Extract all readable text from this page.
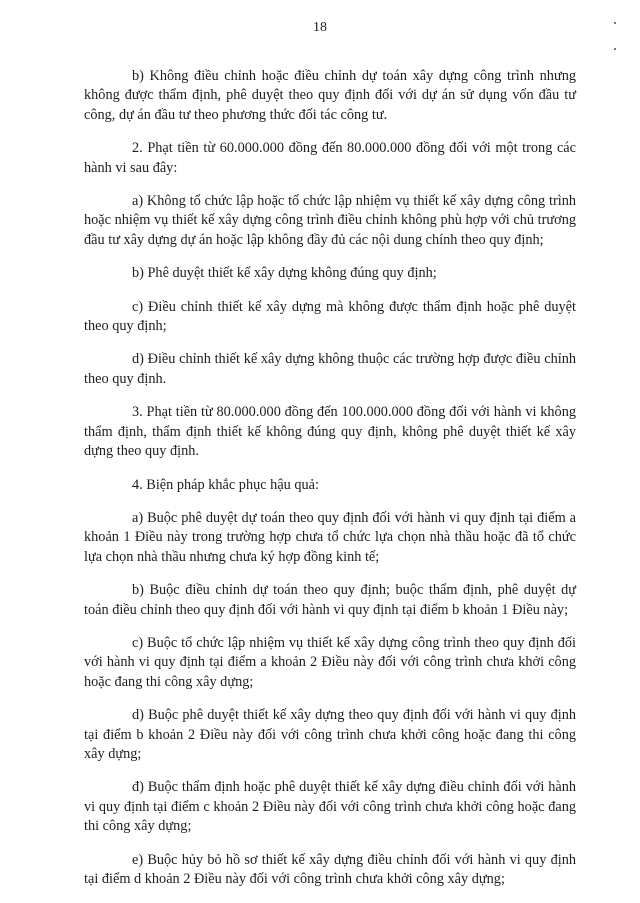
18

b) Không điều chỉnh hoặc điều chỉnh dự toán xây dựng công trình nhưng không được thẩm định, phê duyệt theo quy định đối với dự án sử dụng vốn đầu tư công, dự án đầu tư theo phương thức đối tác công tư.

2. Phạt tiền từ 60.000.000 đồng đến 80.000.000 đồng đối với một trong các hành vi sau đây:

a) Không tổ chức lập hoặc tổ chức lập nhiệm vụ thiết kế xây dựng công trình hoặc nhiệm vụ thiết kế xây dựng công trình điều chỉnh không phù hợp với chủ trương đầu tư xây dựng dự án hoặc lập không đầy đủ các nội dung chính theo quy định;

b) Phê duyệt thiết kế xây dựng không đúng quy định;

c) Điều chỉnh thiết kế xây dựng mà không được thẩm định hoặc phê duyệt theo quy định;

d) Điều chỉnh thiết kế xây dựng không thuộc các trường hợp được điều chỉnh theo quy định.

3. Phạt tiền từ 80.000.000 đồng đến 100.000.000 đồng đối với hành vi không thẩm định, thẩm định thiết kế không đúng quy định, không phê duyệt thiết kế xây dựng theo quy định.

4. Biện pháp khắc phục hậu quả:

a) Buộc phê duyệt dự toán theo quy định đối với hành vi quy định tại điểm a khoản 1 Điều này trong trường hợp chưa tổ chức lựa chọn nhà thầu hoặc đã tổ chức lựa chọn nhà thầu nhưng chưa ký hợp đồng kinh tế;

b) Buộc điều chỉnh dự toán theo quy định; buộc thẩm định, phê duyệt dự toán điều chỉnh theo quy định đối với hành vi quy định tại điểm b khoản 1 Điều này;

c) Buộc tổ chức lập nhiệm vụ thiết kế xây dựng công trình theo quy định đối với hành vi quy định tại điểm a khoản 2 Điều này đối với công trình chưa khởi công hoặc đang thi công xây dựng;

d) Buộc phê duyệt thiết kế xây dựng theo quy định đối với hành vi quy định tại điểm b khoản 2 Điều này đối với công trình chưa khởi công hoặc đang thi công xây dựng;

đ) Buộc thẩm định hoặc phê duyệt thiết kế xây dựng điều chỉnh đối với hành vi quy định tại điểm c khoản 2 Điều này đối với công trình chưa khởi công hoặc đang thi công xây dựng;

e) Buộc hủy bỏ hồ sơ thiết kế xây dựng điều chỉnh đối với hành vi quy định tại điểm d khoản 2 Điều này đối với công trình chưa khởi công xây dựng;
